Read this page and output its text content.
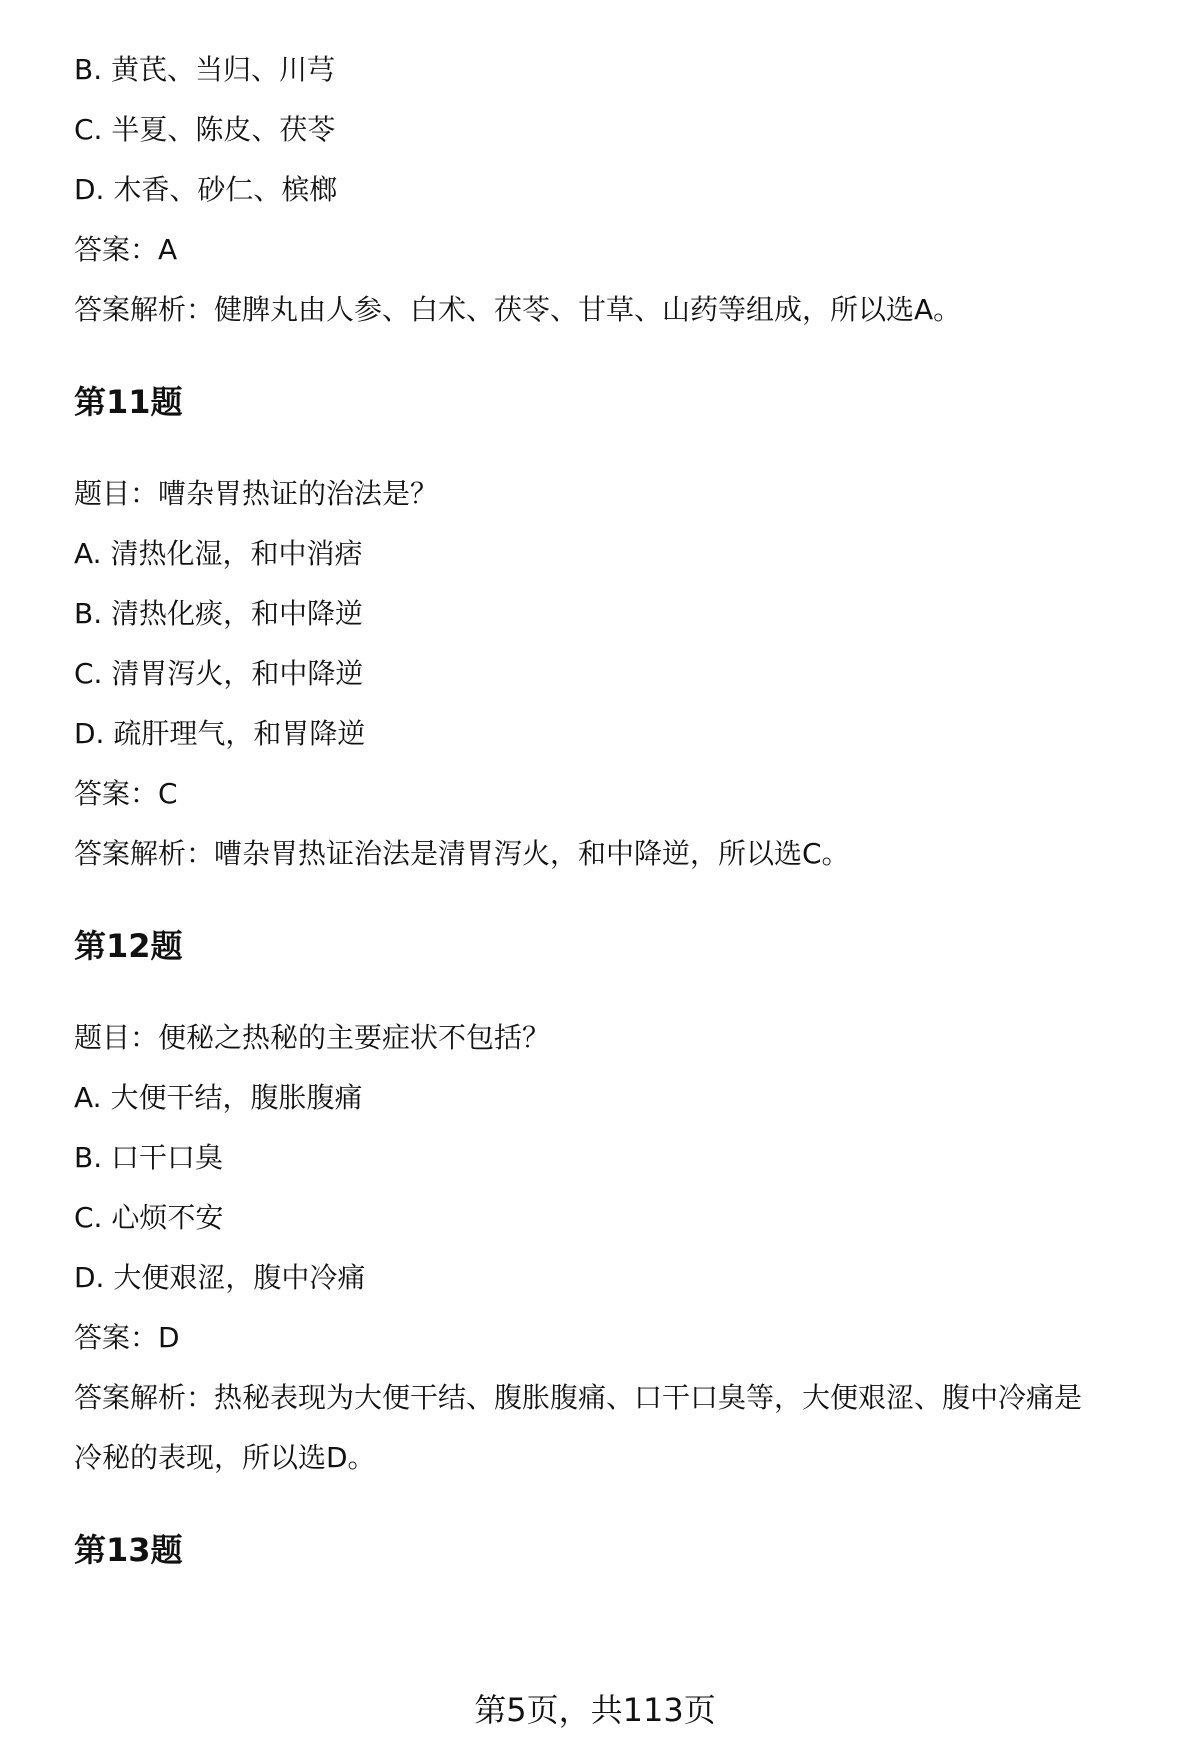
B. 黄芪、当归、川芎
C. 半夏、陈皮、茯苓
D. 木香、砂仁、槟榔
答案：A
答案解析：健脾丸由人参、白术、茯苓、甘草、山药等组成，所以选A。
第11题
题目：嘈杂胃热证的治法是？
A. 清热化湿，和中消痞
B. 清热化痰，和中降逆
C. 清胃泻火，和中降逆
D. 疏肝理气，和胃降逆
答案：C
答案解析：嘈杂胃热证治法是清胃泻火，和中降逆，所以选C。
第12题
题目：便秘之热秘的主要症状不包括？
A. 大便干结，腹胀腹痛
B. 口干口臭
C. 心烦不安
D. 大便艰涩，腹中冷痛
答案：D
答案解析：热秘表现为大便干结、腹胀腹痛、口干口臭等，大便艰涩、腹中冷痛是
冷秘的表现，所以选D。
第13题
第5页，共113页
